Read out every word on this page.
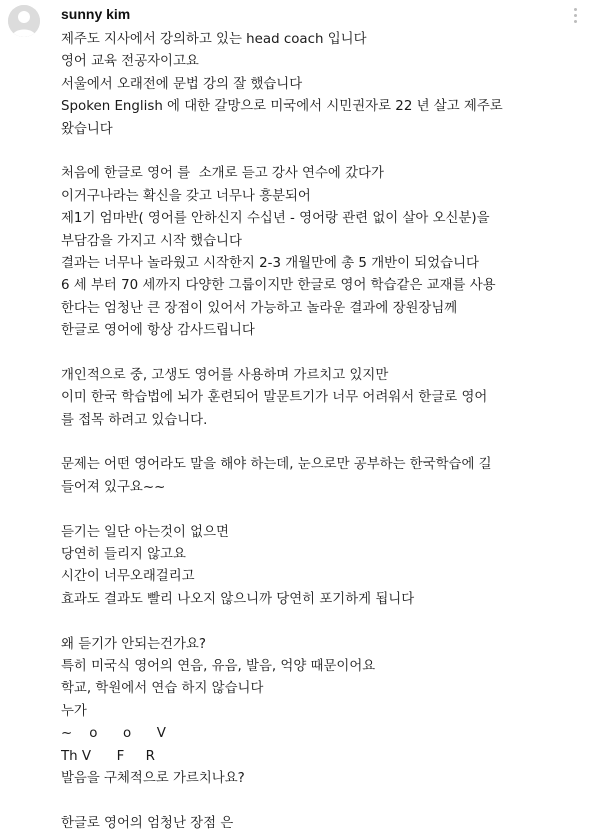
sunny kim
제주도 지사에서 강의하고 있는 head coach 입니다
영어 교육 전공자이고요
서울에서 오래전에 문법 강의 잘 했습니다
Spoken English 에 대한 갈망으로 미국에서 시민권자로 22 년 살고 제주로
왔습니다
처음에 한글로 영어 를  소개로 듣고 강사 연수에 갔다가
이거구나라는 확신을 갖고 너무나 흥분되어
제1기 엄마반( 영어를 안하신지 수십년 - 영어랑 관련 없이 살아 오신분)을
부담감을 가지고 시작 했습니다
결과는 너무나 놀라웠고 시작한지 2-3 개월만에 총 5 개반이 되었습니다
6 세 부터 70 세까지 다양한 그룹이지만 한글로 영어 학습같은 교재를 사용
한다는 엄청난 큰 장점이 있어서 가능하고 놀라운 결과에 장원장님께
한글로 영어에 항상 감사드립니다
개인적으로 중, 고생도 영어를 사용하며 가르치고 있지만
이미 한국 학습법에 뇌가 훈련되어 말문트기가 너무 어려워서 한글로 영어
를 접목 하려고 있습니다.
문제는 어떤 영어라도 말을 해야 하는데, 눈으로만 공부하는 한국학습에 길
들어져 있구요~~
듣기는 일단 아는것이 없으면
당연히 들리지 않고요
시간이 너무오래걸리고
효과도 결과도 빨리 나오지 않으니까 당연히 포기하게 됩니다
왜 듣기가 안되는건가요?
특히 미국식 영어의 연음, 유음, 발음, 억양 때문이어요
학교, 학원에서 연습 하지 않습니다
누가
~    o      o      V
Th V      F     R
발음을 구체적으로 가르치나요?
한글로 영어의 엄청난 장점 은
